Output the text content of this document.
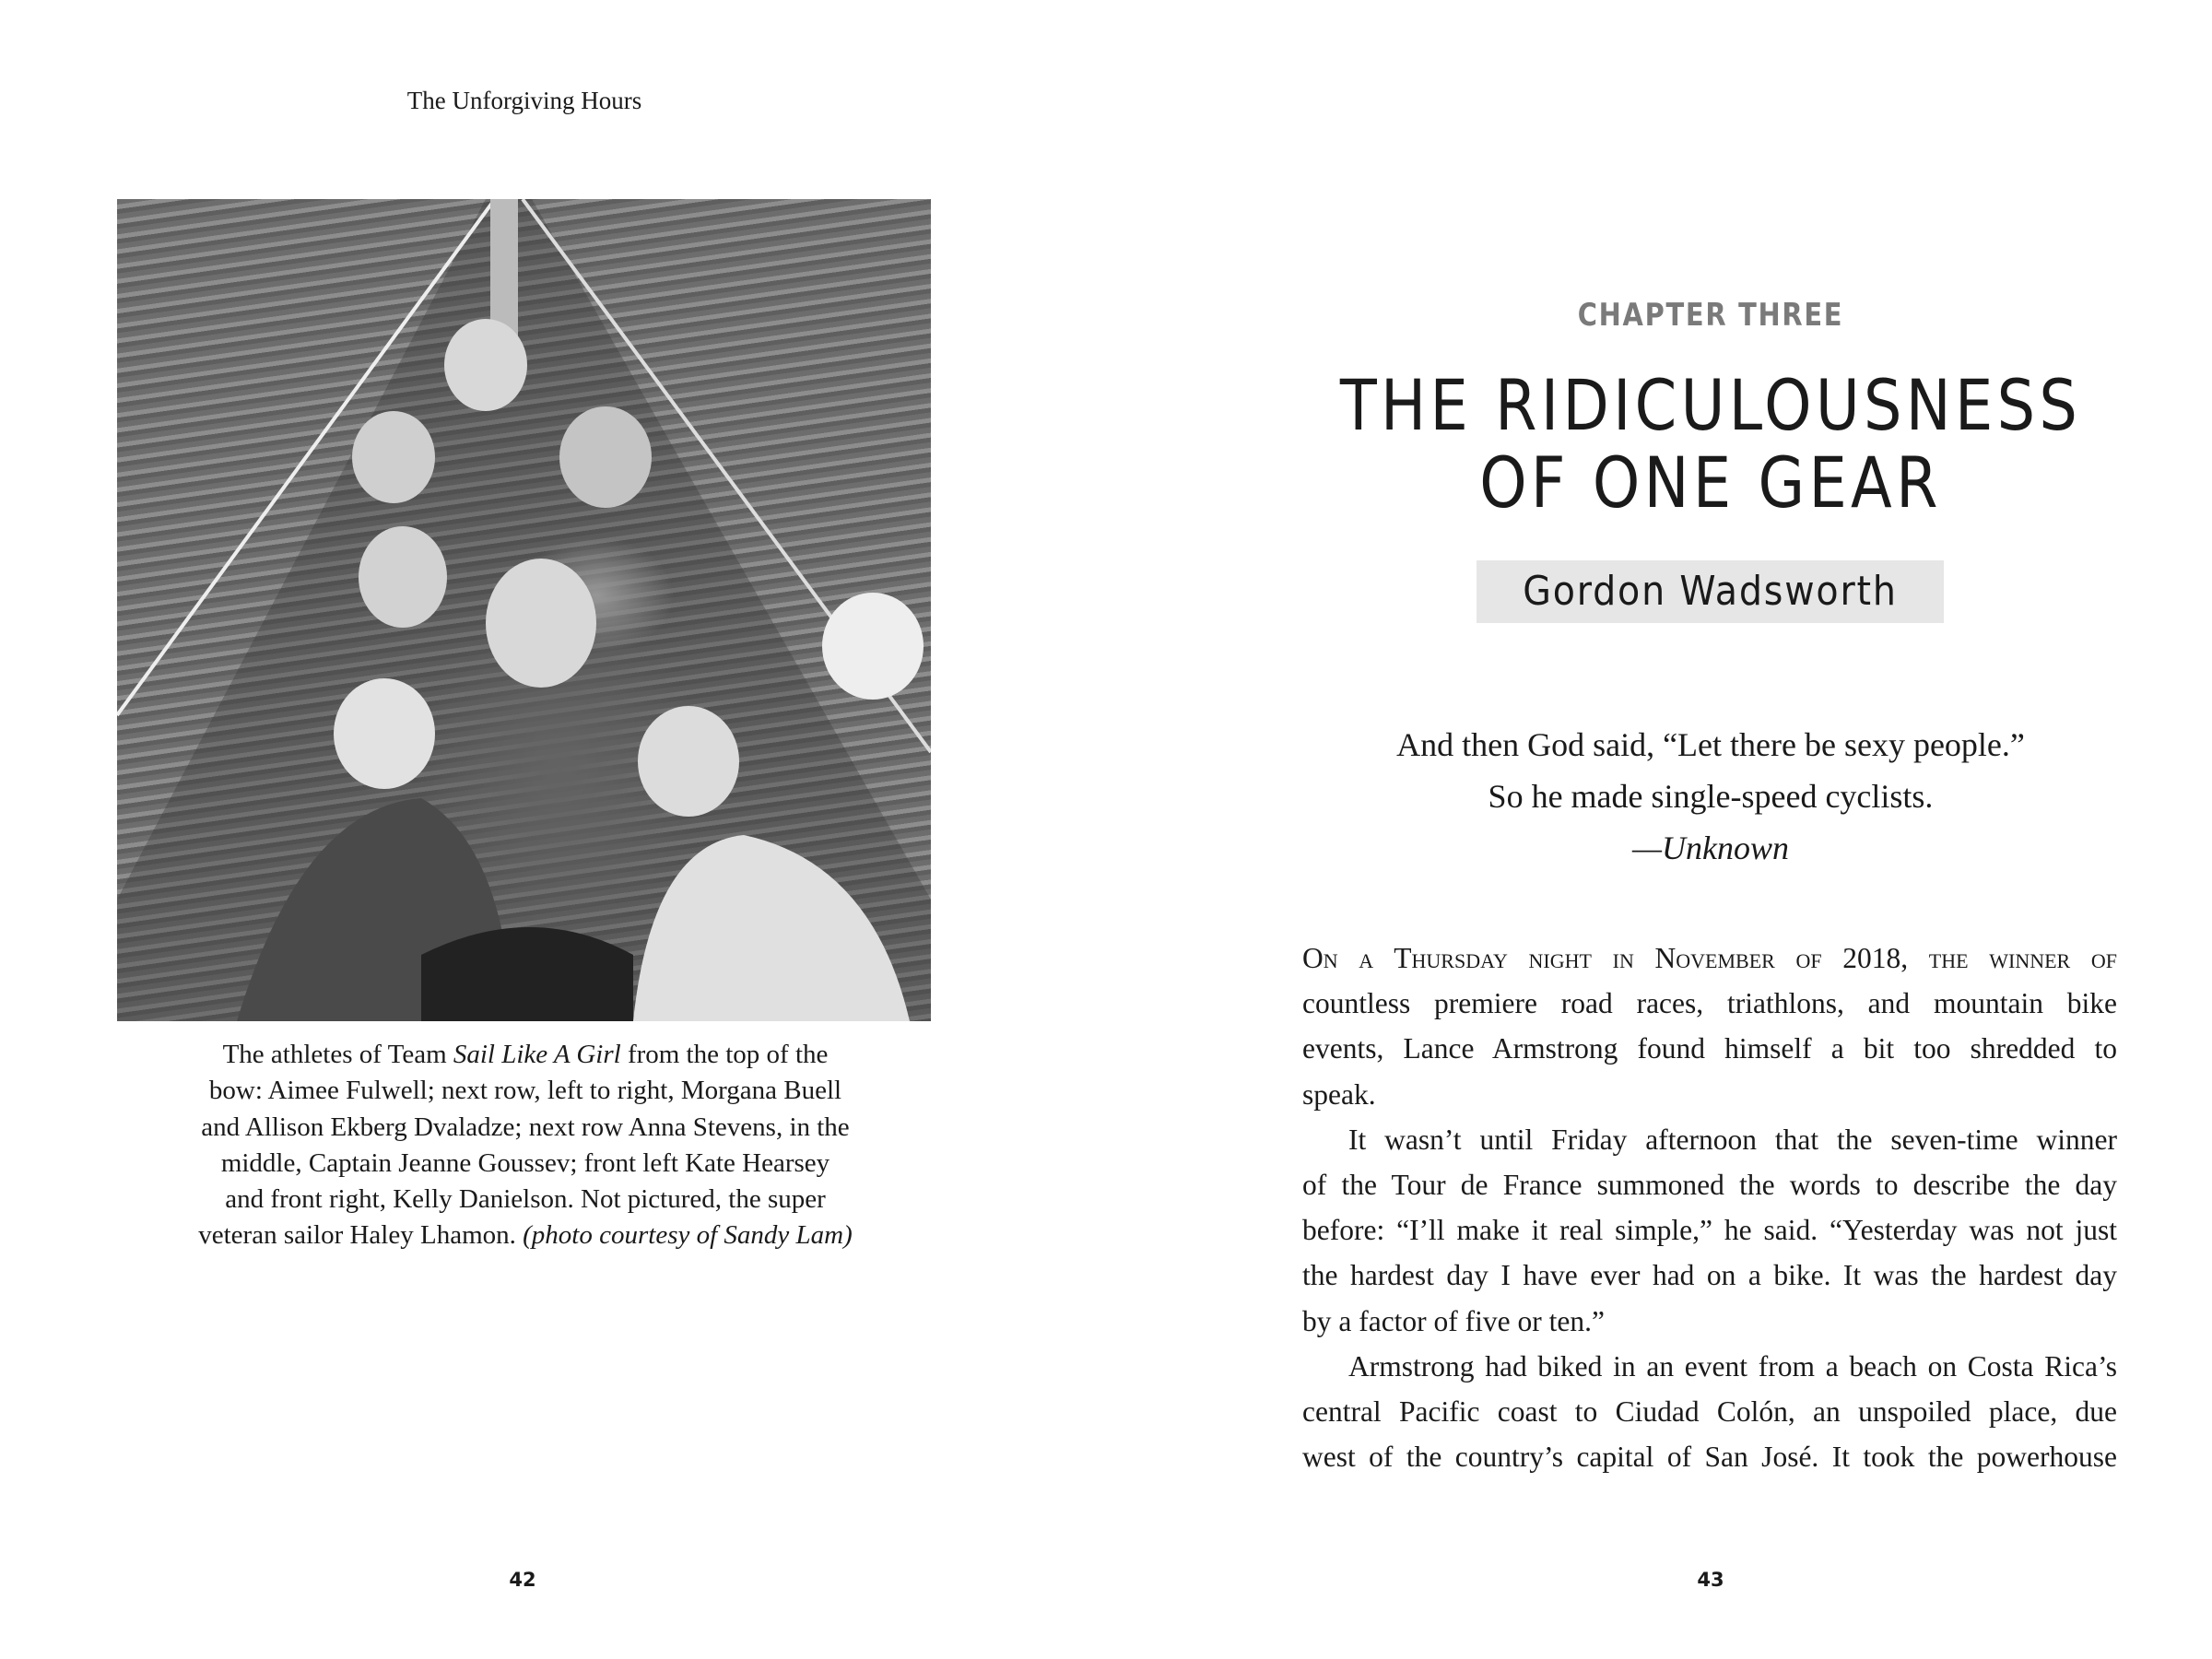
The Unforgiving Hours
The athletes of Team Sail Like A Girl from the top of the
bow: Aimee Fulwell; next row, left to right, Morgana Buell
and Allison Ekberg Dvaladze; next row Anna Stevens, in the
middle, Captain Jeanne Goussev; front left Kate Hearsey
and front right, Kelly Danielson. Not pictured, the super
veteran sailor Haley Lhamon. (photo courtesy of Sandy Lam)
42
CHAPTER THREE
THE RIDICULOUSNESS
OF ONE GEAR
Gordon Wadsworth
And then God said, “Let there be sexy people.”
So he made single-speed cyclists.
—Unknown
On a Thursday night in November of 2018, the winner of
countless premiere road races, triathlons, and mountain bike
events, Lance Armstrong found himself a bit too shredded to
speak.
It wasn’t until Friday afternoon that the seven-time winner
of the Tour de France summoned the words to describe the day
before: “I’ll make it real simple,” he said. “Yesterday was not just
the hardest day I have ever had on a bike. It was the hardest day
by a factor of five or ten.”
Armstrong had biked in an event from a beach on Costa Rica’s
central Pacific coast to Ciudad Colón, an unspoiled place, due
west of the country’s capital of San José. It took the powerhouse
43
